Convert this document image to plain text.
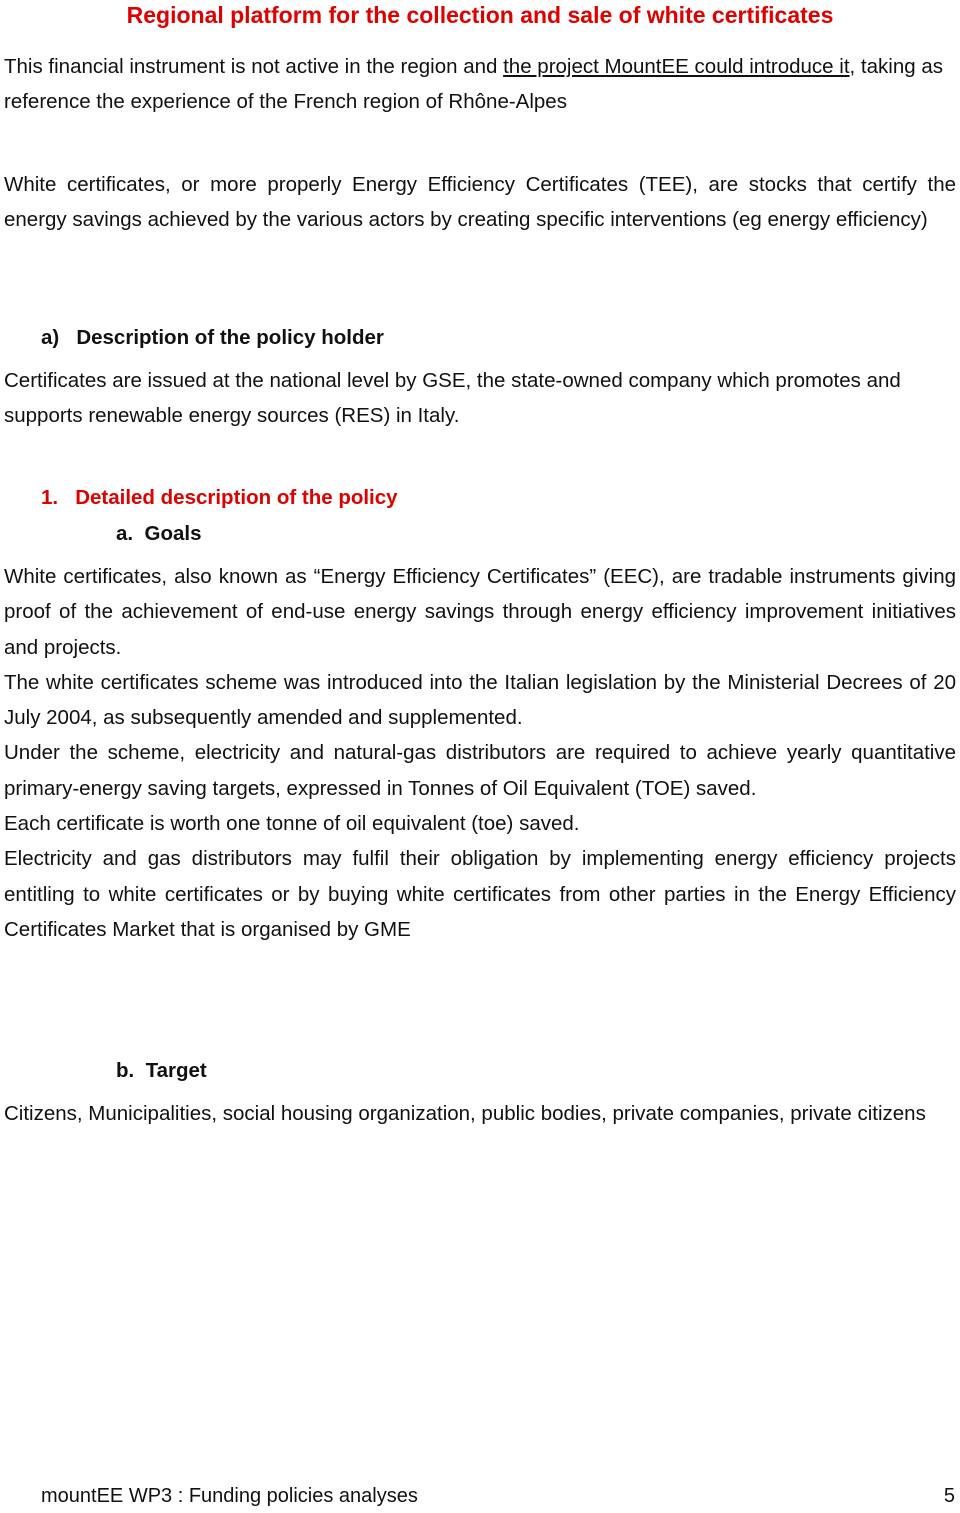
Regional platform for the collection and sale of white certificates

This financial instrument is not active in the region and the project MountEE could introduce it, taking as reference the experience of the French region of Rhône-Alpes

White certificates, or more properly Energy Efficiency Certificates (TEE), are stocks that certify the energy savings achieved by the various actors by creating specific interventions (eg energy efficiency)

a) Description of the policy holder

Certificates are issued at the national level by GSE, the state-owned company which promotes and supports renewable energy sources (RES) in Italy.

1. Detailed description of the policy

a. Goals

White certificates, also known as “Energy Efficiency Certificates” (EEC), are tradable instruments giving proof of the achievement of end-use energy savings through energy efficiency improvement initiatives and projects.
The white certificates scheme was introduced into the Italian legislation by the Ministerial Decrees of 20 July 2004, as subsequently amended and supplemented.
Under the scheme, electricity and natural-gas distributors are required to achieve yearly quantitative primary-energy saving targets, expressed in Tonnes of Oil Equivalent (TOE) saved.
Each certificate is worth one tonne of oil equivalent (toe) saved.
Electricity and gas distributors may fulfil their obligation by implementing energy efficiency projects entitling to white certificates or by buying white certificates from other parties in the Energy Efficiency Certificates Market that is organised by GME

b. Target

Citizens, Municipalities, social housing organization, public bodies, private companies, private citizens

mountEE WP3 : Funding policies analyses	5
